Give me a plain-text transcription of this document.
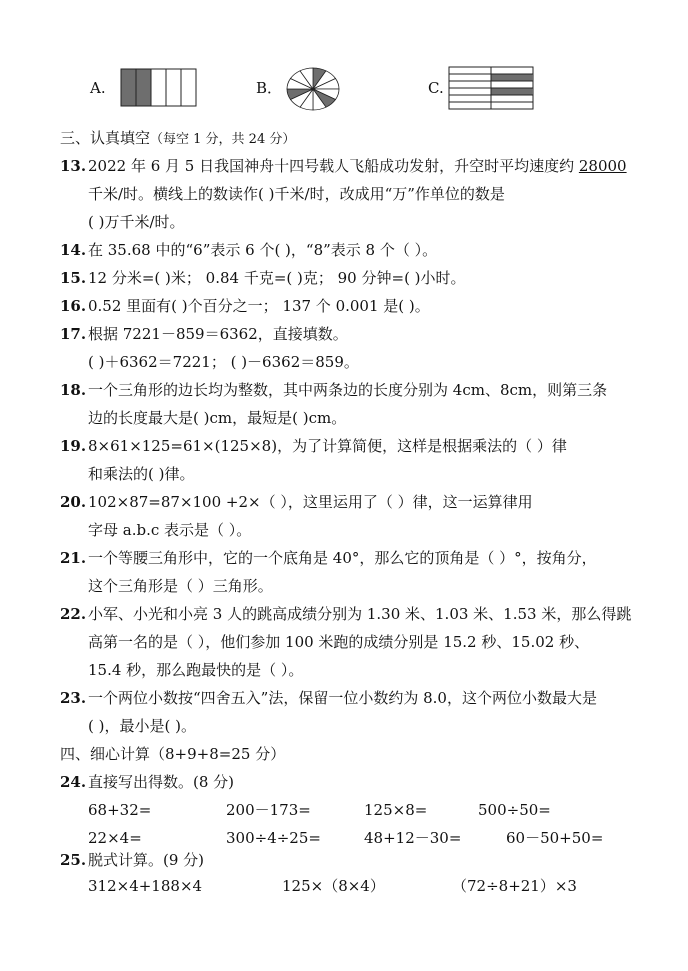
A.	B．	C.
三、认真填空（每空 1 分，共 24 分）
13. 2022 年 6 月 5 日我国神舟十四号载人飞船成功发射，升空时平均速度约 28000
千米/时。横线上的数读作( )千米/时，改成用“万”作单位的数是
( )万千米/时。
14. 在 35.68 中的“6”表示 6 个( )，“8”表示 8 个（ ）。
15. 12 分米=( )米； 0.84 千克=( )克； 90 分钟=( )小时。
16. 0.52 里面有( )个百分之一； 137 个 0.001 是( )。
17. 根据 7221－859＝6362，直接填数。
( )＋6362＝7221； ( )－6362＝859。
18. 一个三角形的边长均为整数，其中两条边的长度分别为 4cm、8cm，则第三条
边的长度最大是( )cm，最短是( )cm。
19. 8×61×125=61×(125×8)，为了计算简便，这样是根据乘法的（ ）律
和乘法的( )律。
20. 102×87=87×100 +2×（ ），这里运用了（ ）律，这一运算律用
字母 a.b.c 表示是（ ）。
21. 一个等腰三角形中，它的一个底角是 40°，那么它的顶角是（ ）°，按角分，
这个三角形是（ ）三角形。
22. 小军、小光和小亮 3 人的跳高成绩分别为 1.30 米、1.03 米、1.53 米，那么得跳
高第一名的是（ ），他们参加 100 米跑的成绩分别是 15.2 秒、15.02 秒、
15.4 秒，那么跑最快的是（ ）。
23. 一个两位小数按“四舍五入”法，保留一位小数约为 8.0，这个两位小数最大是
( )，最小是( )。
四、细心计算（8+9+8=25 分）
24. 直接写出得数。(8 分)
68+32=	200－173=	125×8=	500÷50=
22×4=	300÷4÷25=	48+12－30=	60－50+50=
25. 脱式计算。(9 分)
312×4+188×4	125×（8×4）	（72÷8+21）×3
